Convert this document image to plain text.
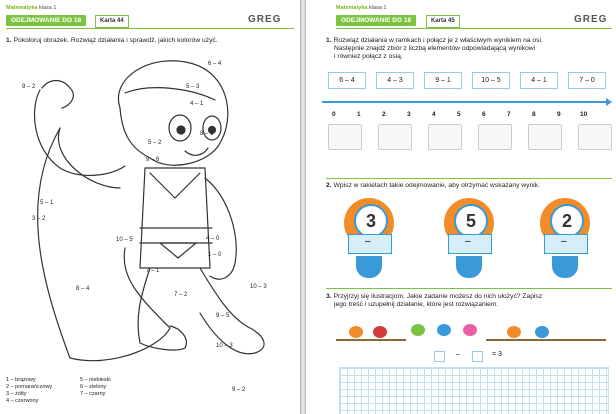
Matematyka klasa 1
ODEJMOWANIE DO 18	Karta 44	GREG
1. Pokoloruj obrazek. Rozwiąż działania i sprawdź, jakich kolorów użyć.
6 – 4
9 – 2	5 – 3
4 – 1
8 – 1
5 – 2
9 – 6
5 – 1
3 – 2
10 – 5	4 – 0
1 – 0
7 – 1
8 – 4
7 – 2
10 – 3
9 – 5
10 – 3
9 – 2
1 – brązowy
2 – pomarańczowy
3 – żółty
4 – czerwony
5 – niebieski
6 – zielony
7 – czarny
Matematyka klasa 1
ODEJMOWANIE DO 18	Karta 45	GREG
1. Rozwiąż działania w ramkach i połącz je z właściwym wynikiem na osi.
Następnie znajdź zbiór z liczbą elementów odpowiadającą wynikowi
i również połącz z osią.
6 – 4	4 – 3	9 – 1	10 – 5	4 – 1	7 – 0
0	1	2	3	4	5	6	7	8	9	10
2. Wpisz w rakietach takie odejmowanie, aby otrzymać wskazany wynik.
3
–
5
–
2
–
3. Przyjrzyj się ilustracjom. Jakie zadanie możesz do nich ułożyć? Zapisz
jego treść i uzupełnij działanie, które jest rozwiązaniem.
–	= 3
